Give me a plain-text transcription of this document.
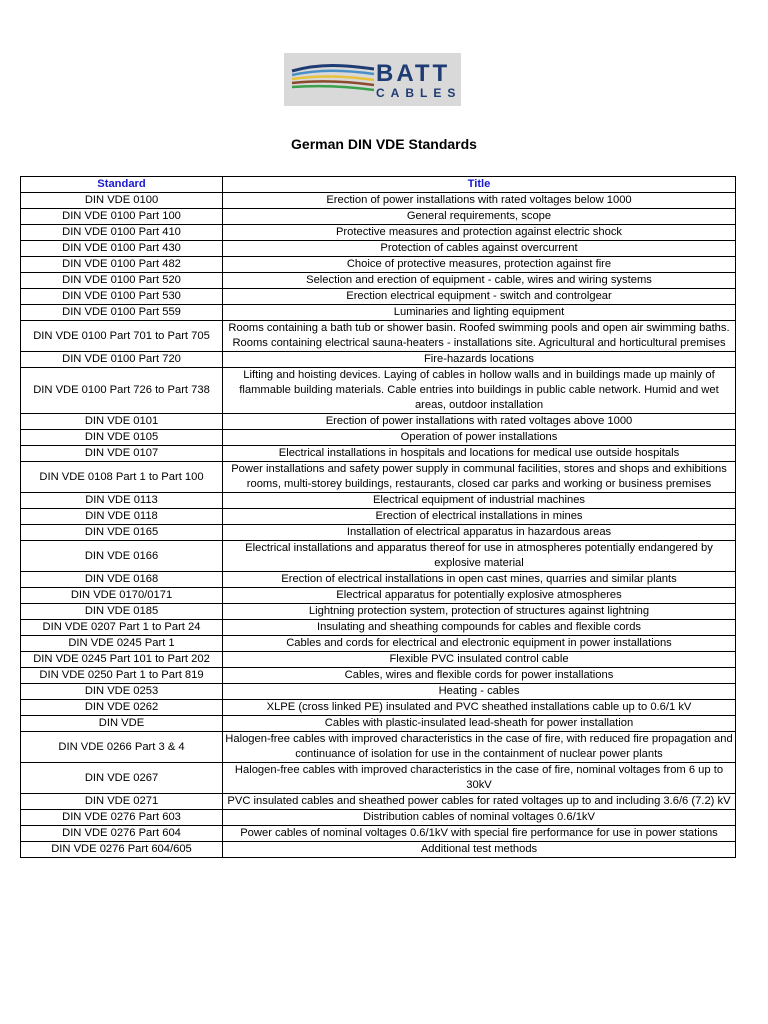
BATT
CABLES
German DIN VDE Standards
Standard	Title
DIN VDE 0100	Erection of power installations with rated voltages below 1000
DIN VDE 0100 Part 100	General requirements, scope
DIN VDE 0100 Part 410	Protective measures and protection against electric shock
DIN VDE 0100 Part 430	Protection of cables against overcurrent
DIN VDE 0100 Part 482	Choice of protective measures, protection against fire
DIN VDE 0100 Part 520	Selection and erection of equipment - cable, wires and wiring systems
DIN VDE 0100 Part 530	Erection electrical equipment - switch and controlgear
DIN VDE 0100 Part 559	Luminaries and lighting equipment
DIN VDE 0100 Part 701 to Part 705	Rooms containing a bath tub or shower basin. Roofed swimming pools and open air swimming baths. Rooms containing electrical sauna-heaters - installations site. Agricultural and horticultural premises
DIN VDE 0100 Part 720	Fire-hazards locations
DIN VDE 0100 Part 726 to Part 738	Lifting and hoisting devices. Laying of cables in hollow walls and in buildings made up mainly of flammable building materials. Cable entries into buildings in public cable network. Humid and wet areas, outdoor installation
DIN VDE 0101	Erection of power installations with rated voltages above 1000
DIN VDE 0105	Operation of power installations
DIN VDE 0107	Electrical installations in hospitals and locations for medical use outside hospitals
DIN VDE 0108 Part 1 to Part 100	Power installations and safety power supply in communal facilities, stores and shops and exhibitions rooms, multi-storey buildings, restaurants, closed car parks and working or business premises
DIN VDE 0113	Electrical equipment of industrial machines
DIN VDE 0118	Erection of electrical installations in mines
DIN VDE 0165	Installation of electrical apparatus in hazardous areas
DIN VDE 0166	Electrical installations and apparatus thereof for use in atmospheres potentially endangered by explosive material
DIN VDE 0168	Erection of electrical installations in open cast mines, quarries and similar plants
DIN VDE 0170/0171	Electrical apparatus for potentially explosive atmospheres
DIN VDE 0185	Lightning protection system, protection of structures against lightning
DIN VDE 0207 Part 1 to Part 24	Insulating and sheathing compounds for cables and flexible cords
DIN VDE 0245 Part 1	Cables and cords for electrical and electronic equipment in power installations
DIN VDE 0245 Part 101 to Part 202	Flexible PVC insulated control cable
DIN VDE 0250 Part 1 to Part 819	Cables, wires and flexible cords for power installations
DIN VDE 0253	Heating - cables
DIN VDE 0262	XLPE (cross linked PE) insulated and PVC sheathed installations cable up to 0.6/1 kV
DIN VDE	Cables with plastic-insulated lead-sheath for power installation
DIN VDE 0266 Part 3 & 4	Halogen-free cables with improved characteristics in the case of fire, with reduced fire propagation and continuance of isolation for use in the containment of nuclear power plants
DIN VDE 0267	Halogen-free cables with improved characteristics in the case of fire, nominal voltages from 6 up to 30kV
DIN VDE 0271	PVC insulated cables and sheathed power cables for rated voltages up to and including 3.6/6 (7.2) kV
DIN VDE 0276 Part 603	Distribution cables of nominal voltages 0.6/1kV
DIN VDE 0276 Part 604	Power cables of nominal voltages 0.6/1kV with special fire performance for use in power stations
DIN VDE 0276 Part 604/605	Additional test methods
